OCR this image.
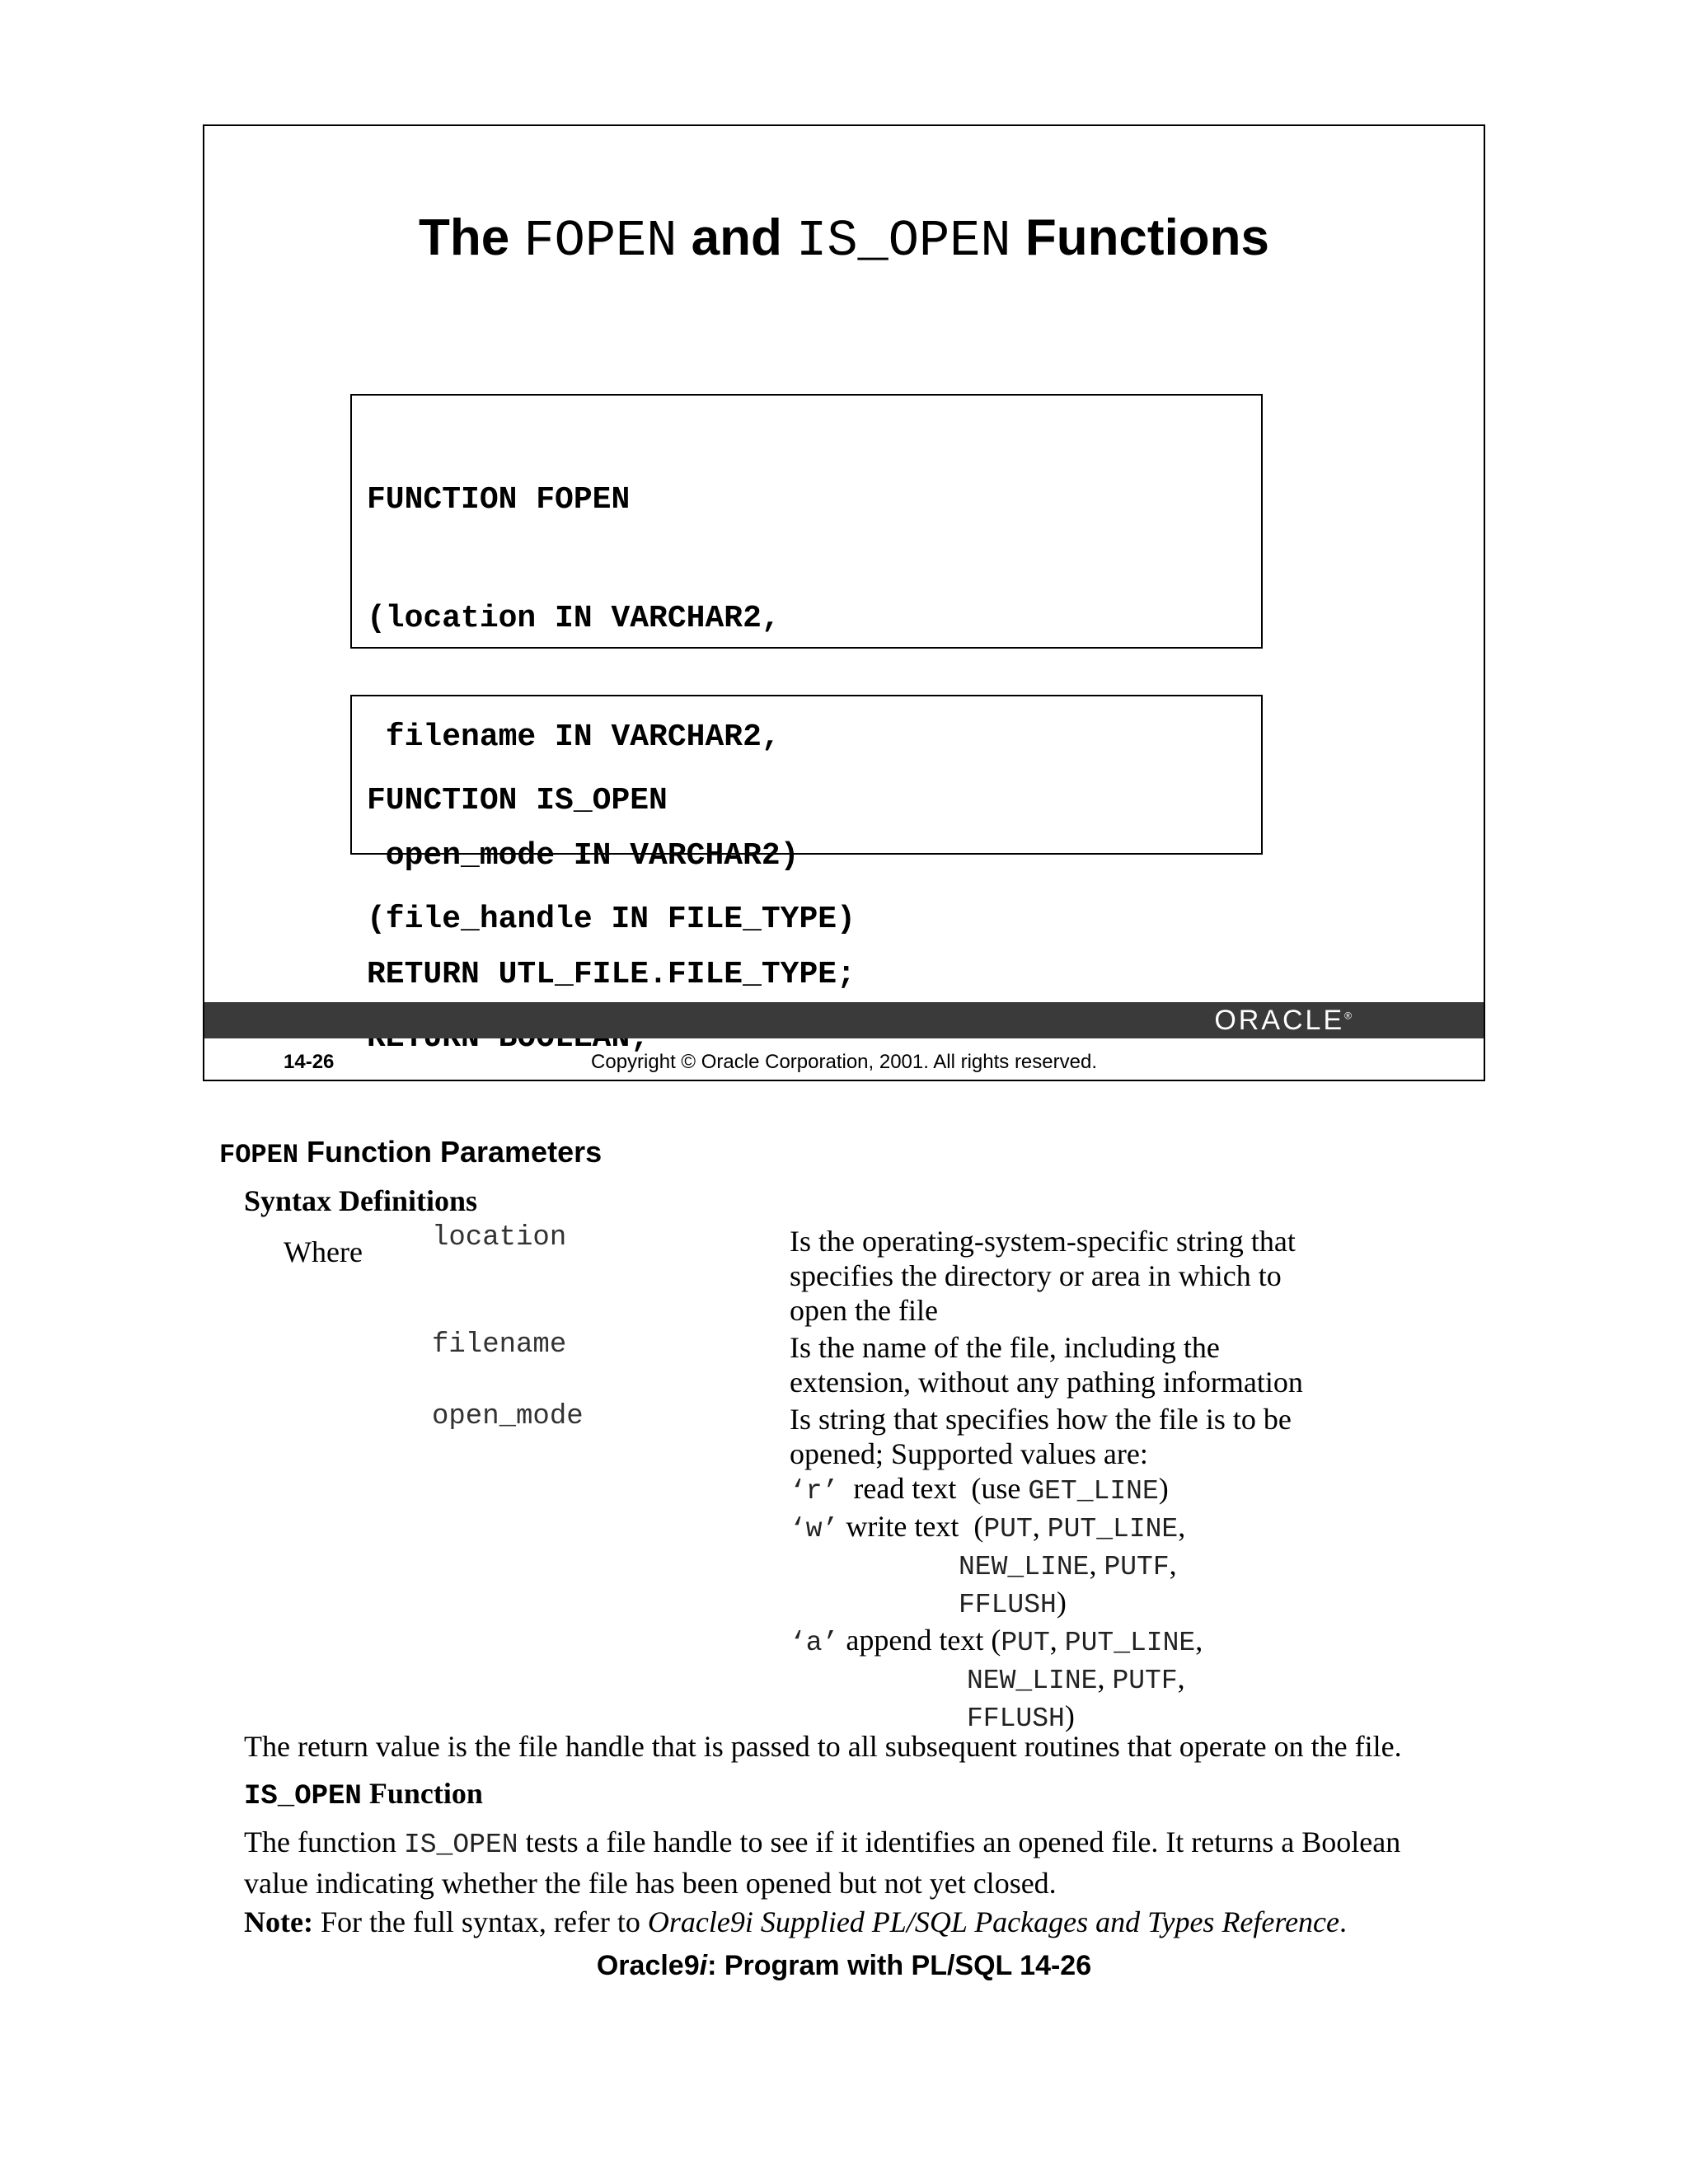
The FOPEN and IS_OPEN Functions

FUNCTION FOPEN

(location IN VARCHAR2,

filename IN VARCHAR2,

open_mode IN VARCHAR2)

RETURN UTL_FILE.FILE_TYPE;

FUNCTION IS_OPEN

(file_handle IN FILE_TYPE)

ORACLE®
14-26	Copyright © Oracle Corporation, 2001. All rights reserved.
FOPEN Function Parameters
Syntax Definitions
Where location	Is the operating-system-specific string that
specifies the directory or area in which to
open the file
filename	Is the name of the file, including the
extension, without any pathing information
open_mode	Is string that specifies how the file is to be
opened; Supported values are:
‘r’  read text  (use GET_LINE)
‘w’ write text  (PUT, PUT_LINE,
NEW_LINE, PUTF,
FFLUSH)
‘a’ append text (PUT, PUT_LINE,
NEW_LINE, PUTF,
FFLUSH)
The return value is the file handle that is passed to all subsequent routines that operate on the file.
IS_OPEN Function
The function IS_OPEN tests a file handle to see if it identifies an opened file. It returns a Boolean value indicating whether the file has been opened but not yet closed.
Note: For the full syntax, refer to Oracle9i Supplied PL/SQL Packages and Types Reference.
Oracle9i: Program with PL/SQL 14-26
